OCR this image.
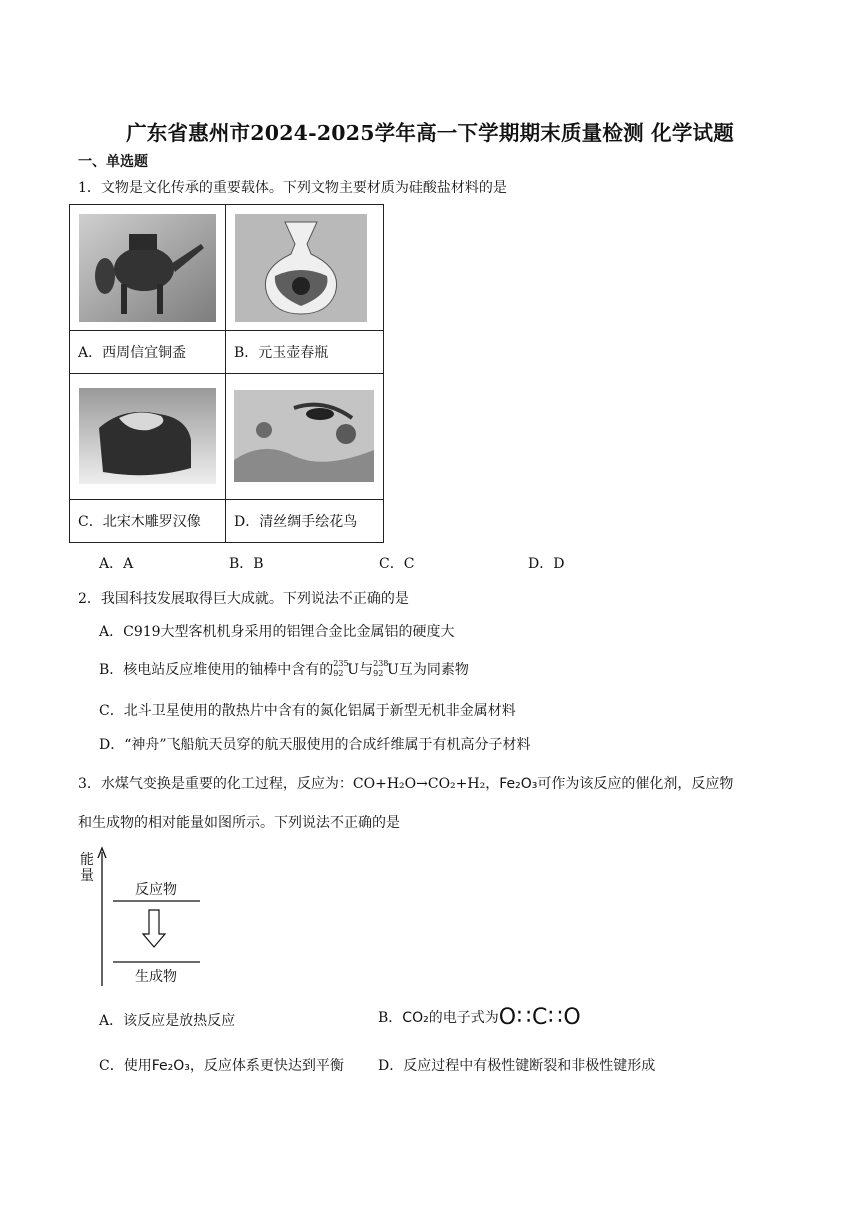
广东省惠州市2024-2025学年高一下学期期末质量检测 化学试题
一、单选题
1．文物是文化传承的重要载体。下列文物主要材质为硅酸盐材料的是

A．西周信宜铜盉	B．元玉壶春瓶

C．北宋木雕罗汉像	D．清丝绸手绘花鸟
A．A	B．B	C．C	D．D
2．我国科技发展取得巨大成就。下列说法不正确的是
A．C919大型客机机身采用的铝锂合金比金属铝的硬度大
B．核电站反应堆使用的铀棒中含有的 235
92 U与 238
92 U互为同素物
C．北斗卫星使用的散热片中含有的氮化铝属于新型无机非金属材料
D．“神舟”飞船航天员穿的航天服使用的合成纤维属于有机高分子材料
3．水煤气变换是重要的化工过程，反应为：CO+H₂O→CO₂+H₂，Fe₂O₃可作为该反应的催化剂，反应物
和生成物的相对能量如图所示。下列说法不正确的是
能
量
反应物
生成物
A．该反应是放热反应	B．CO₂的电子式为O∷C∷O
C．使用Fe₂O₃，反应体系更快达到平衡 D．反应过程中有极性键断裂和非极性键形成
